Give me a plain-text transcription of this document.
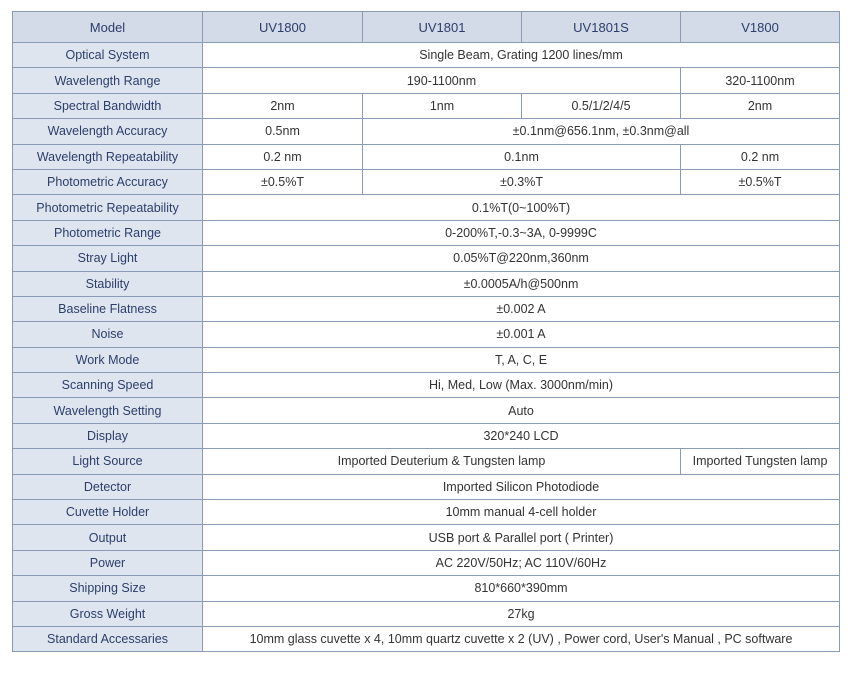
Model	UV1800	UV1801	UV1801S	V1800
Optical System	Single Beam, Grating 1200 lines/mm			
Wavelength Range	190-1100nm			320-1100nm
Spectral Bandwidth	2nm	1nm	0.5/1/2/4/5	2nm
Wavelength Accuracy	0.5nm	±0.1nm@656.1nm, ±0.3nm@all		
Wavelength Repeatability	0.2 nm	0.1nm		0.2 nm
Photometric Accuracy	±0.5%T	±0.3%T		±0.5%T
Photometric Repeatability	0.1%T(0~100%T)			
Photometric Range	0-200%T,-0.3~3A, 0-9999C			
Stray Light	0.05%T@220nm,360nm			
Stability	±0.0005A/h@500nm			
Baseline Flatness	±0.002 A			
Noise	±0.001 A			
Work Mode	T, A, C, E			
Scanning Speed	Hi, Med, Low (Max. 3000nm/min)			
Wavelength Setting	Auto			
Display	320*240 LCD			
Light Source	Imported Deuterium & Tungsten lamp			Imported Tungsten lamp
Detector	Imported Silicon Photodiode			
Cuvette Holder	10mm manual 4-cell holder			
Output	USB port & Parallel port ( Printer)			
Power	AC 220V/50Hz; AC 110V/60Hz			
Shipping Size	810*660*390mm			
Gross Weight	27kg			
Standard Accessaries	10mm glass cuvette x 4, 10mm quartz cuvette x 2 (UV) , Power cord, User's Manual , PC software			
